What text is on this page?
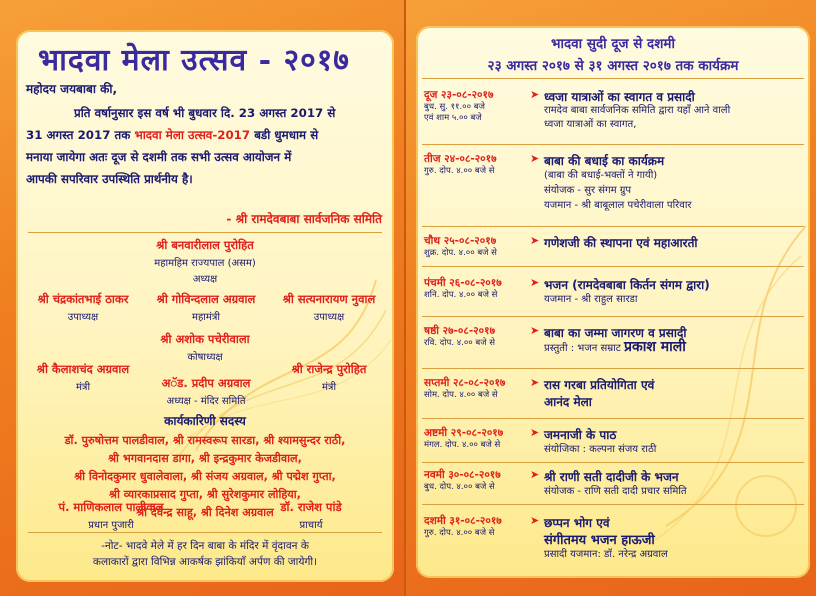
भादवा मेला उत्सव - २०१७
महोदय जयबाबा की,
प्रति वर्षानुसार इस वर्ष भी बुधवार दि. 23 अगस्त 2017 से
31 अगस्त 2017 तक भादवा मेला उत्सव-2017 बडी धुमधाम से
मनाया जायेगा अतः दूज से दशमी तक सभी उत्सव आयोजन में
आपकी सपरिवार उपस्थिति प्रार्थनीय है।
- श्री रामदेवबाबा सार्वजनिक समिति
श्री बनवारीलाल पुरोहित
महामहिम राज्यपाल (असम)
अध्यक्ष
श्री चंद्रकांतभाई ठाकर
उपाध्यक्ष
श्री गोविन्दलाल अग्रवाल
महामंत्री
श्री सत्यनारायण नुवाल
उपाध्यक्ष
श्री अशोक पचेरीवाला
कोषाध्यक्ष
श्री कैलाशचंद अग्रवाल
मंत्री	अॅड. प्रदीप अग्रवाल
अध्यक्ष - मंदिर समिति
श्री राजेन्द्र पुरोहित
मंत्री
कार्यकारिणी सदस्य
डॉ. पुरुषोत्तम पालडीवाल, श्री रामस्वरूप सारडा, श्री श्यामसुन्दर राठी,
श्री भगवानदास डागा, श्री इन्द्रकुमार केजडीवाल,
श्री विनोदकुमार धुवालेवाला, श्री संजय अग्रवाल, श्री पद्मेश गुप्ता,
श्री व्यारकाप्रसाद गुप्ता, श्री सुरेशकुमार लोहिया,
श्री देवेन्द्र साहू, श्री दिनेश अग्रवाल
पं. माणिकलाल पालीवाल
प्रधान पुजारी
डॉ. राजेश पांडे
प्राचार्य
-नोट- भादवे मेले में हर दिन बाबा के मंदिर में वृंदावन के
कलाकारों द्वारा विभिन्न आकर्षक झांकियाँ अर्पण की जायेगी।
भादवा सुदी दूज से दशमी
२३ अगस्त २०१७ से ३१ अगस्त २०१७ तक कार्यक्रम
दूज २३-०८-२०१७
बुध. सु. ११.०० बजे
एवं शाम ५.०० बजे
➤ ध्वजा यात्राओं का स्वागत व प्रसादी
रामदेव बाबा सार्वजनिक समिति द्वारा यहाँ आने वाली
ध्वजा यात्राओं का स्वागत,
तीज २४-०८-२०१७
गुरु. दोप. ४.०० बजे से
➤ बाबा की बधाई का कार्यक्रम
(बाबा की बधाई-भक्तों ने गायी)
संयोजक - सुर संगम ग्रुप
यजमान - श्री बाबूलाल पचेरीवाला परिवार
चौथ २५-०८-२०१७
शुक्र. दोप. ४.०० बजे से
➤ गणेशजी की स्थापना एवं महाआरती
पंचमी २६-०८-२०१७
शनि. दोप. ४.०० बजे से
➤ भजन (रामदेवबाबा किर्तन संगम द्वारा)
यजमान - श्री राहुल सारडा
षष्ठी २७-०८-२०१७
रवि. दोप. ४.०० बजे से
➤ बाबा का जम्मा जागरण व प्रसादी
प्रस्तुती : भजन सम्राट प्रकाश माली
सप्तमी २८-०८-२०१७
सोम. दोप. ४.०० बजे से
➤ रास गरबा प्रतियोगिता एवं
आनंद मेला
अष्टमी २९-०८-२०१७
मंगल. दोप. ४.०० बजे से
➤ जमनाजी के पाठ
संयोजिका : कल्पना संजय राठी
नवमी ३०-०८-२०१७
बुध. दोप. ४.०० बजे से
➤ श्री राणी सती दादीजी के भजन
संयोजक - राणि सती दादी प्रचार समिति
दशमी ३१-०८-२०१७
गुरु. दोप. ४.०० बजे से
➤ छप्पन भोग एवं
संगीतमय भजन हाऊजी
प्रसादी यजमान: डॉ. नरेन्द्र अग्रवाल
